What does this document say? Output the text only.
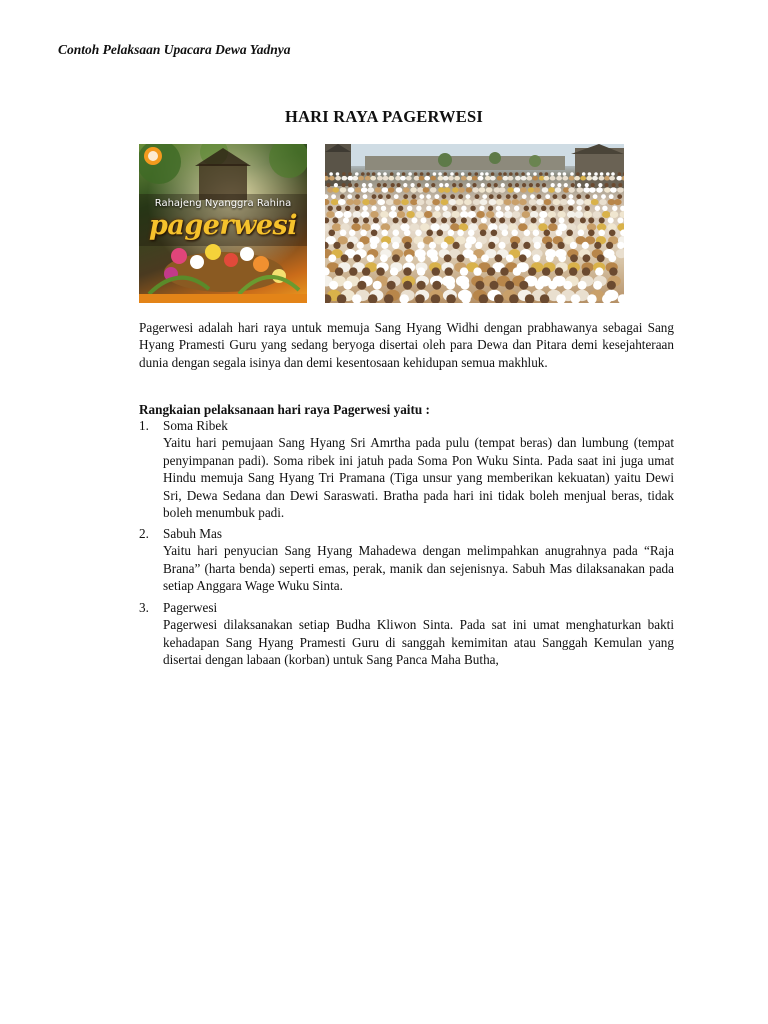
Contoh Pelaksaan Upacara Dewa Yadnya
HARI RAYA PAGERWESI
Rahajeng Nyanggra Rahina
pagerwesi

Pagerwesi adalah hari raya untuk memuja Sang Hyang Widhi dengan prabhawanya sebagai Sang Hyang Pramesti Guru yang sedang beryoga disertai oleh para Dewa dan Pitara demi kesejahteraan dunia dengan segala isinya dan demi kesentosaan kehidupan semua makhluk.

Rangkaian pelaksanaan hari raya Pagerwesi yaitu :
1. Soma Ribek

Yaitu hari pemujaan Sang Hyang Sri Amrtha pada pulu (tempat beras) dan lumbung (tempat penyimpanan padi). Soma ribek ini jatuh pada Soma Pon Wuku Sinta. Pada saat ini juga umat Hindu memuja Sang Hyang Tri Pramana (Tiga unsur yang memberikan kekuatan) yaitu Dewi Sri, Dewa Sedana dan Dewi Saraswati. Bratha pada hari ini tidak boleh menjual beras, tidak boleh menumbuk padi.

2. Sabuh Mas

Yaitu hari penyucian Sang Hyang Mahadewa dengan melimpahkan anugrahnya pada “Raja Brana” (harta benda) seperti emas, perak, manik dan sejenisnya. Sabuh Mas dilaksanakan pada setiap Anggara Wage Wuku Sinta.

3. Pagerwesi

Pagerwesi dilaksanakan setiap Budha Kliwon Sinta. Pada sat ini umat menghaturkan bakti kehadapan Sang Hyang Pramesti Guru di sanggah kemimitan atau Sanggah Kemulan yang disertai dengan labaan (korban) untuk Sang Panca Maha Butha,
